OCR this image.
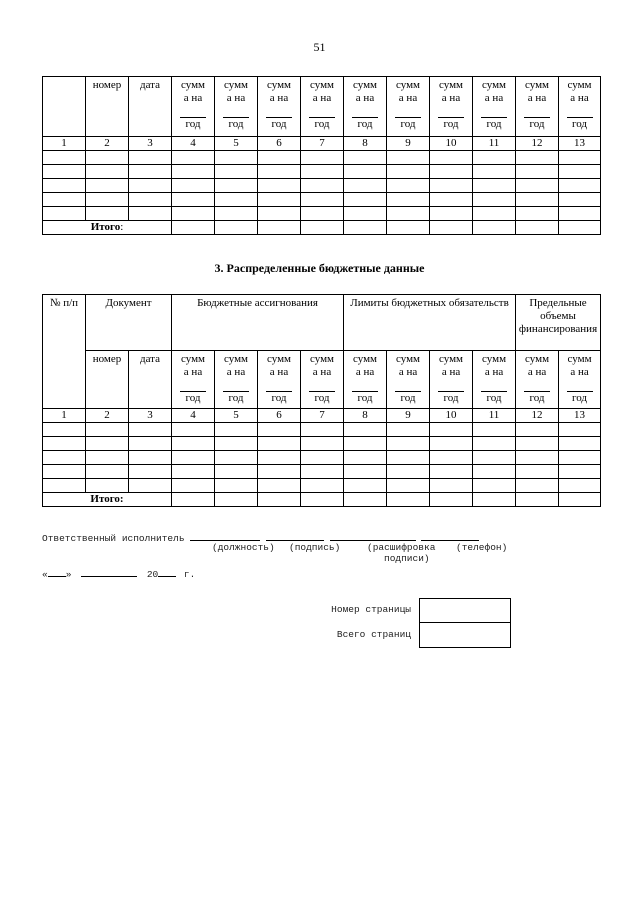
51
	номер	дата	сумм
а на
год	сумм
а на
год	сумм
а на
год	сумм
а на
год	сумм
а на
год	сумм
а на
год	сумм
а на
год	сумм
а на
год	сумм
а на
год	сумм
а на
год
1	2	3	4	5	6	7	8	9	10	11	12	13

Итого:												
3. Распределенные бюджетные данные
№ п/п	Документ		Бюджетные ассигнования				Лимиты бюджетных обязательств				Предельные объемы финансирования	
	номер	дата	сумм
а на
год	сумм
а на
год	сумм
а на
год	сумм
а на
год	сумм
а на
год	сумм
а на
год	сумм
а на
год	сумм
а на
год	сумм
а на
год	сумм
а на
год
1	2	3	4	5	6	7	8	9	10	11	12	13

Итого:												
Ответственный исполнитель
(должность) (подпись)	(расшифровка (телефон)
подписи)
« »	20	г.
Номер страницы
Всего страниц
